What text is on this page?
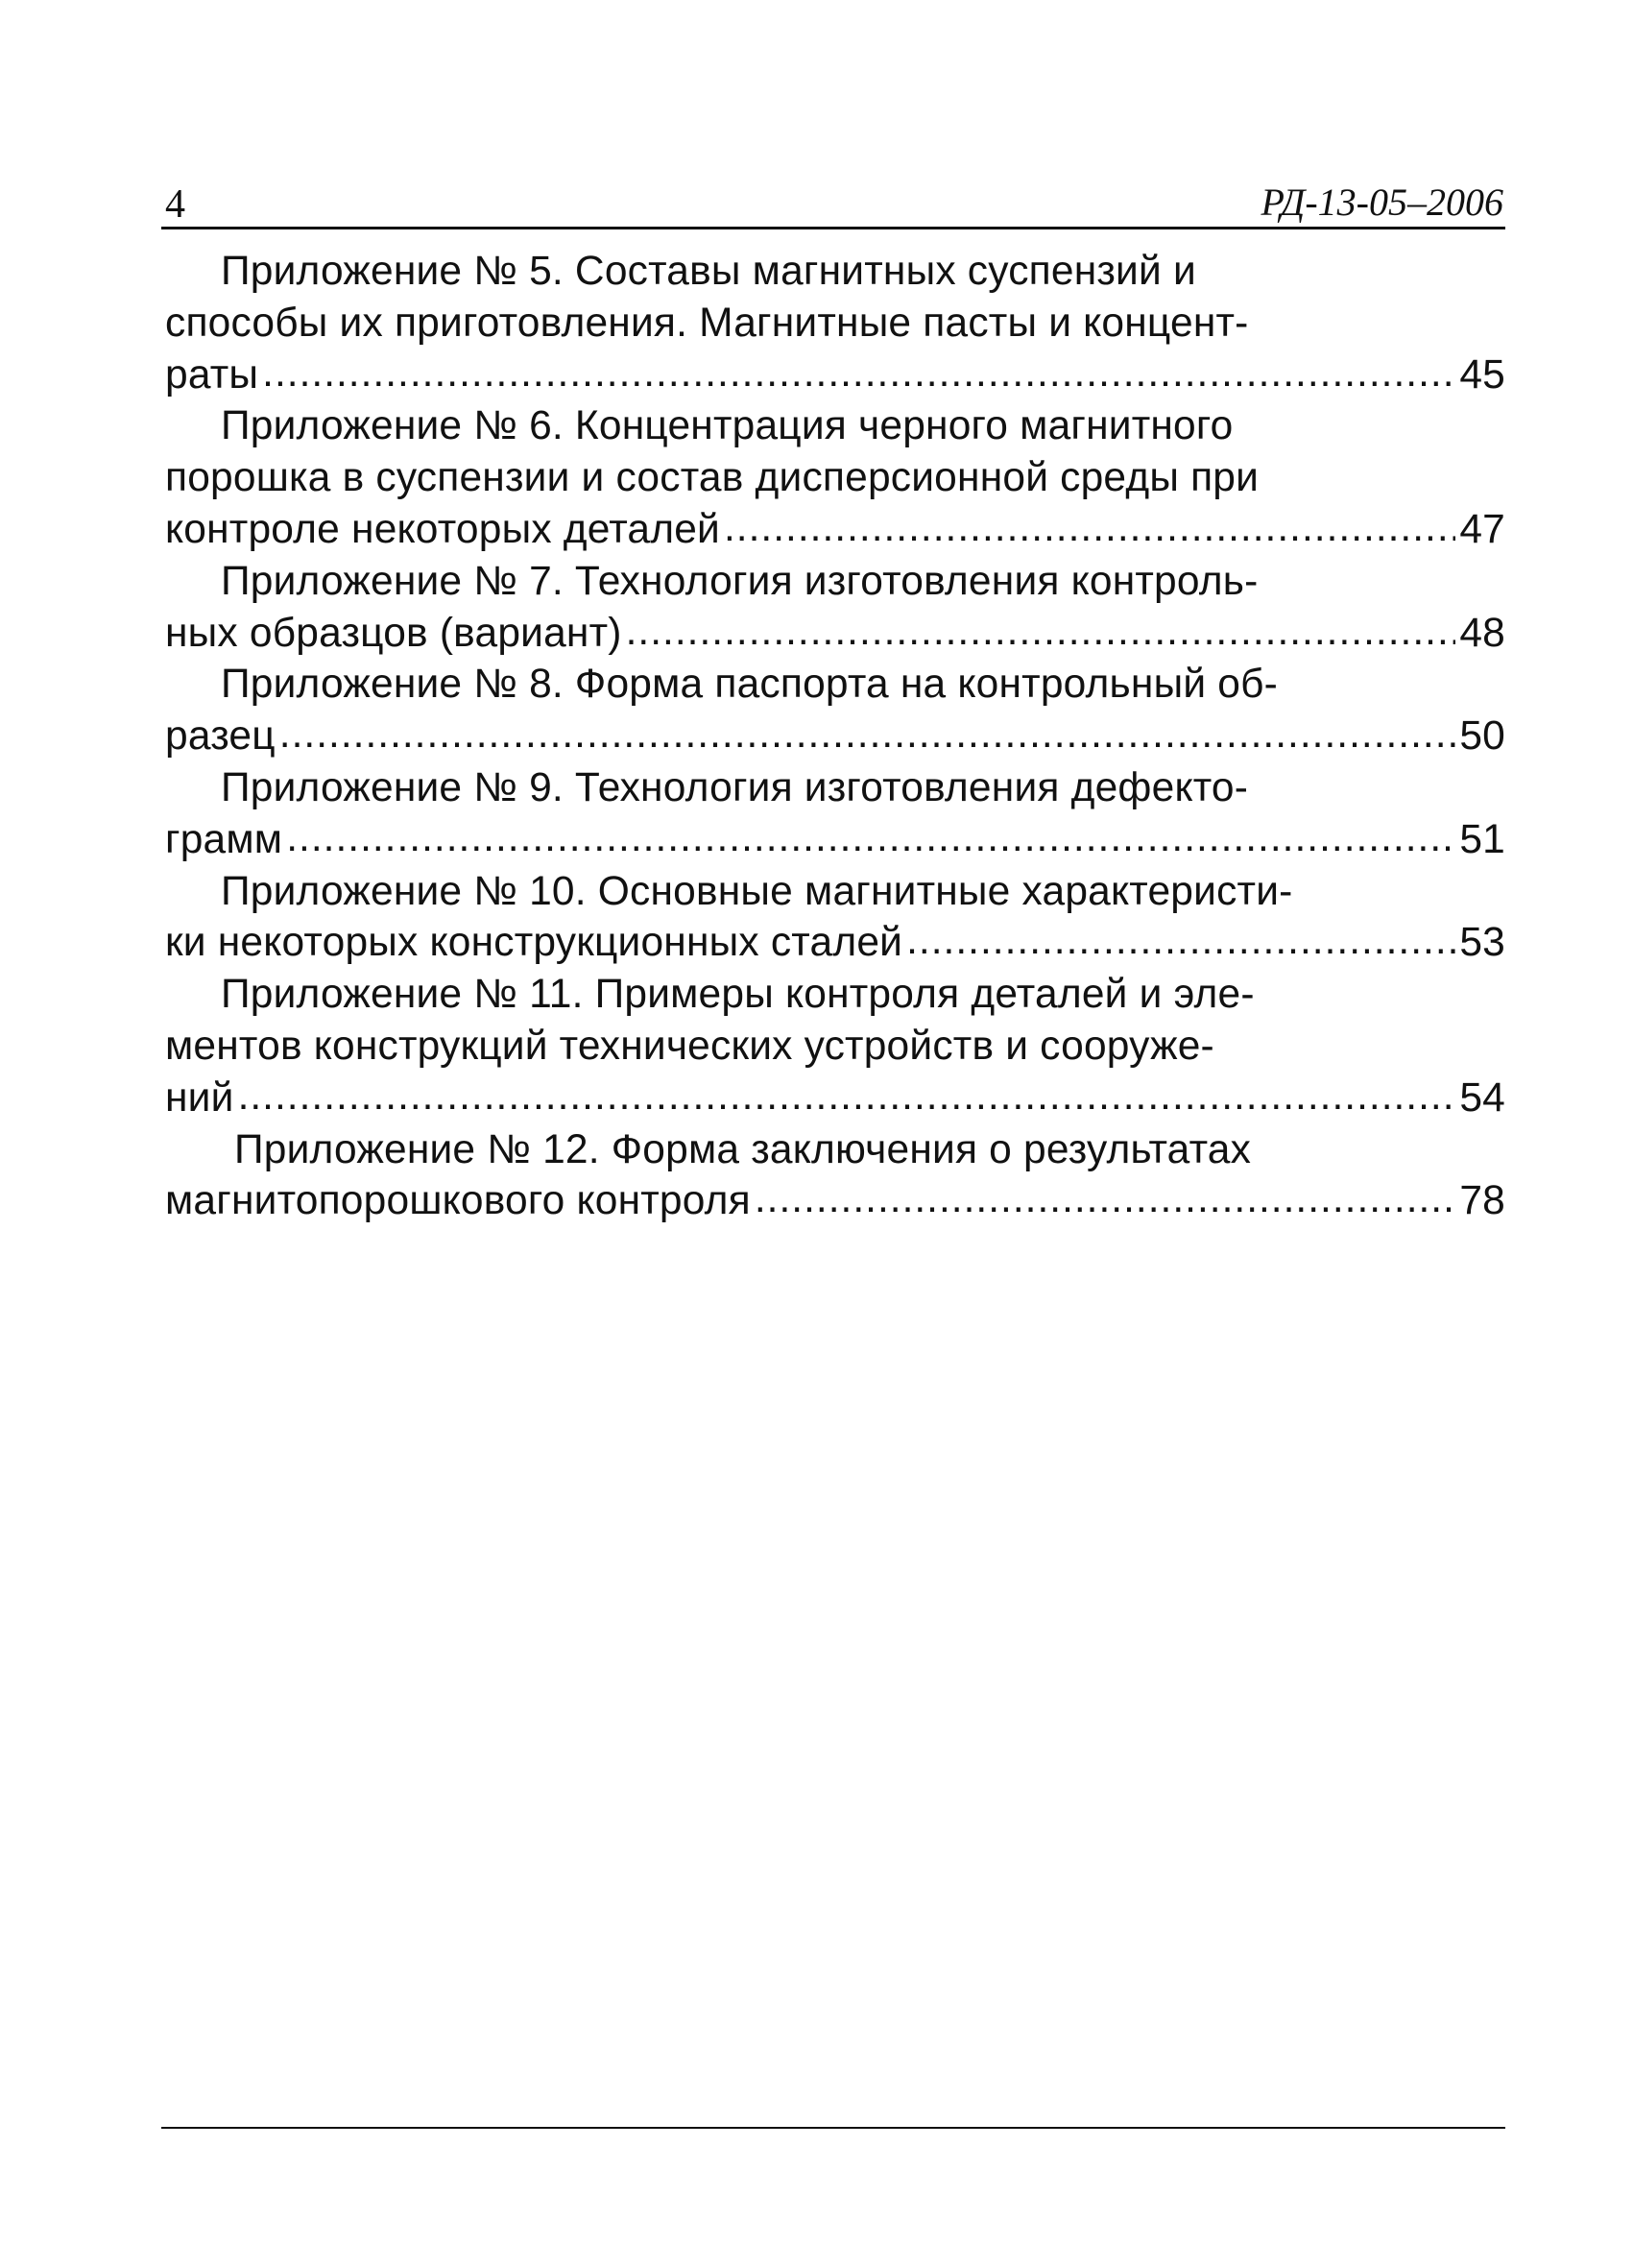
4	РД-13-05–2006
Приложение № 5. Составы магнитных суспензий и
способы их приготовления. Магнитные пасты и концент-
раты .....	45
Приложение № 6. Концентрация черного магнитного
порошка в суспензии и состав дисперсионной среды при
контроле некоторых деталей .....	47
Приложение № 7. Технология изготовления контроль-
ных образцов (вариант) .....	48
Приложение № 8. Форма паспорта на контрольный об-
разец .....	50
Приложение № 9. Технология изготовления дефекто-
грамм .....	51
Приложение № 10. Основные магнитные характеристи-
ки некоторых конструкционных сталей .....	53
Приложение № 11. Примеры контроля деталей и эле-
ментов конструкций технических устройств и сооруже-
ний .....	54
Приложение № 12. Форма заключения о результатах
магнитопорошкового контроля .....	78
